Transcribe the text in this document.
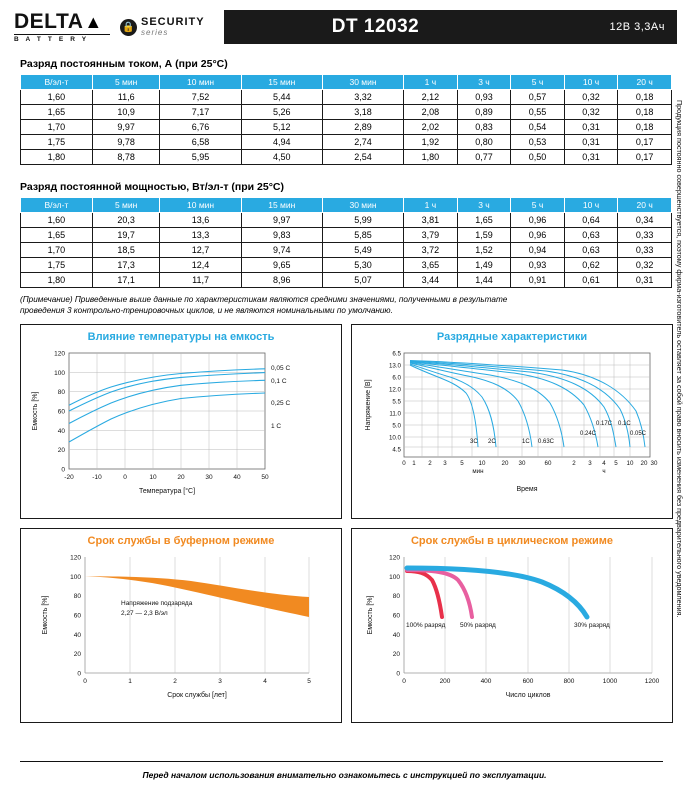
DELTA ▲
B A T T E R Y
🔒 SECURITY
series	DT 12032	12В 3,3Ач
Разряд постоянным током, А (при 25°C)
В/эл-т	5 мин	10 мин	15 мин	30 мин	1 ч	3 ч	5 ч	10 ч	20 ч
1,60	11,6	7,52	5,44	3,32	2,12	0,93	0,57	0,32	0,18
1,65	10,9	7,17	5,26	3,18	2,08	0,89	0,55	0,32	0,18
1,70	9,97	6,76	5,12	2,89	2,02	0,83	0,54	0,31	0,18
1,75	9,78	6,58	4,94	2,74	1,92	0,80	0,53	0,31	0,17
1,80	8,78	5,95	4,50	2,54	1,80	0,77	0,50	0,31	0,17
Разряд постоянной мощностью, Вт/эл-т (при 25°C)
В/эл-т	5 мин	10 мин	15 мин	30 мин	1 ч	3 ч	5 ч	10 ч	20 ч
1,60	20,3	13,6	9,97	5,99	3,81	1,65	0,96	0,64	0,34
1,65	19,7	13,3	9,83	5,85	3,79	1,59	0,96	0,63	0,33
1,70	18,5	12,7	9,74	5,49	3,72	1,52	0,94	0,63	0,33
1,75	17,3	12,4	9,65	5,30	3,65	1,49	0,93	0,62	0,32
1,80	17,1	11,7	8,96	5,07	3,44	1,44	0,91	0,61	0,31
(Примечание) Приведенные выше данные по характеристикам являются средними значениями, полученными в результате проведения 3 контрольно-тренировочных циклов, и не являются номинальными по умолчанию.
Влияние температуры на емкость
120
100
80
60
40
20
0
-20	-10	0	10	20	30	40	50
0,05 C
0,1 C
0,25 C
1 C
Температура [°C]
Емкость [%]
Разрядные характеристики
6.5
13.0
6.0
12.0
5.5
11.0
5.0
10.0
4.5
0 1 2 3 5 10	20 30	60	2 3 4 5 10 20 30
мин	ч
3C 2C	1C 0.63C
0.24C
0.17C 0.1C
0.05C
Время
Напряжение [В]
Срок службы в буферном режиме
120
100
80
60
40
20
0
0	1	2	3	4	5
Напряжение подзаряда
2,27 — 2,3 В/эл
Срок службы [лет]
Емкость [%]
Срок службы в циклическом режиме
120
100
80
60
40
20
0
0	200	400	600	800	1000	1200
100% разряд 50% разряд	30% разряд
Число циклов
Емкость [%]	Продукция постоянно совершенствуется, поэтому фирма-изготовитель оставляет за собой право вносить изменения без предварительного уведомления.
Перед началом использования внимательно ознакомьтесь с инструкцией по эксплуатации.
